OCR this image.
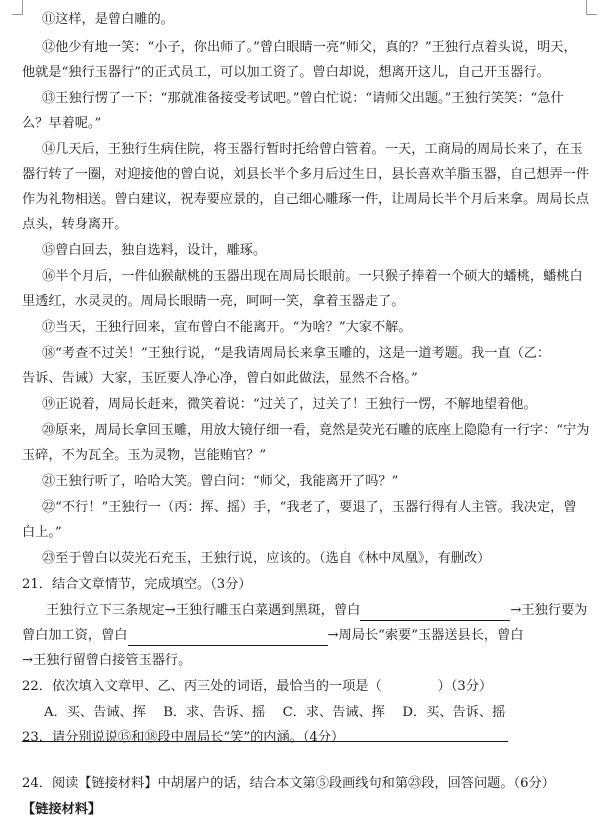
⑪这样，是曾白雕的。
⑫他少有地一笑：“小子，你出师了。”曾白眼睛一亮“师父，真的？”王独行点着头说，明天，
他就是“独行玉器行”的正式员工，可以加工资了。曾白却说，想离开这儿，自己开玉器行。
⑬王独行愣了一下：“那就准备接受考试吧。”曾白忙说：“请师父出题。”王独行笑笑：“急什
么？早着呢。”
⑭几天后，王独行生病住院，将玉器行暂时托给曾白管着。一天，工商局的周局长来了，在玉
器行转了一圈，对迎接他的曾白说，刘县长半个多月后过生日，县长喜欢羊脂玉器，自己想弄一件
作为礼物相送。曾白建议，祝寿要应景的，自己细心雕琢一件，让周局长半个月后来拿。周局长点
点头，转身离开。
⑮曾白回去，独自选料，设计，雕琢。
⑯半个月后，一件仙猴献桃的玉器出现在周局长眼前。一只猴子捧着一个硕大的蟠桃，蟠桃白
里透红，水灵灵的。周局长眼睛一亮，呵呵一笑，拿着玉器走了。
⑰当天，王独行回来，宣布曾白不能离开。“为啥？”大家不解。
⑱“考查不过关！”王独行说，“是我请周局长来拿玉雕的，这是一道考题。我一直（乙：
告诉、告诫）大家，玉匠要人净心净，曾白如此做法，显然不合格。”
⑲正说着，周局长赶来，微笑着说：“过关了，过关了！王独行一愣，不解地望着他。
⑳原来，周局长拿回玉雕，用放大镜仔细一看，竟然是荧光石雕的底座上隐隐有一行字：“宁为
玉碎，不为瓦全。玉为灵物，岂能贿官？”
㉑王独行听了，哈哈大笑。曾白问：“师父，我能离开了吗？”
㉒“不行！”王独行一（丙：挥、摇）手，“我老了，要退了，玉器行得有人主管。我决定，曾
白上。”
㉓至于曾白以荧光石充玉，王独行说，应该的。（选自《林中凤凰》，有删改）
21．结合文章情节，完成填空。（3分）
王独行立下三条规定→王独行雕玉白菜遇到黑斑，曾白	→王独行要为
曾白加工资，曾白	→周局长“索要”玉器送县长，曾白
→王独行留曾白接管玉器行。
22．依次填入文章甲、乙、丙三处的词语，最恰当的一项是（	）（3分）
A．买、告诫、挥　 B．求、告诉、摇　 C．求、告诫、挥　 D．买、告诉、摇
23．请分别说说⑮和⑱段中周局长“笑”的内涵。（4分）
24．阅读【链接材料】中胡屠户的话，结合本文第⑤段画线句和第㉓段，回答问题。（6分）
【链接材料】
